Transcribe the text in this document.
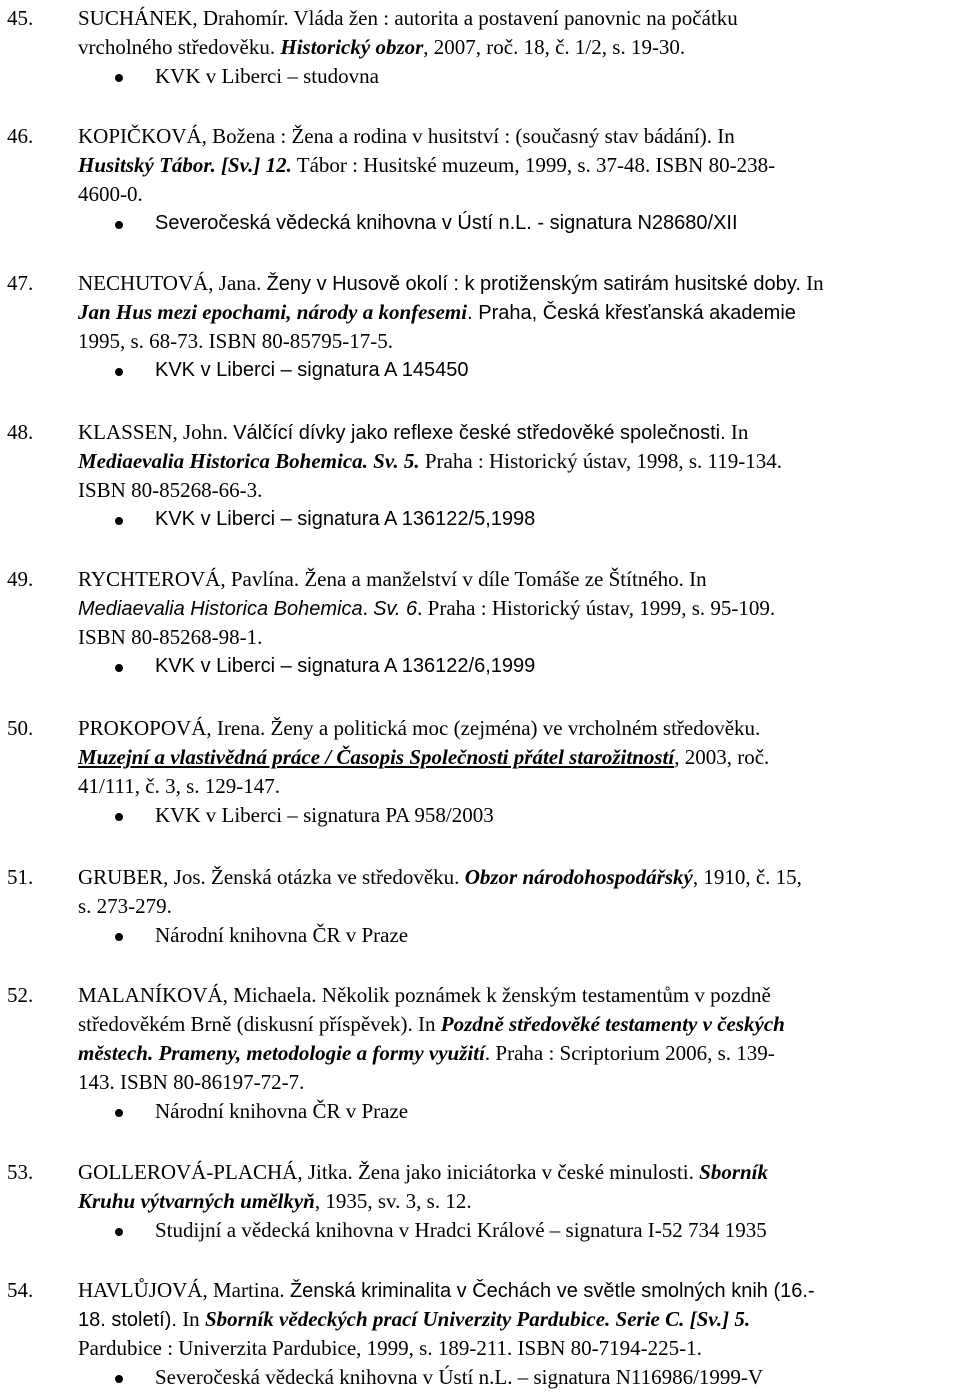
45. SUCHÁNEK, Drahomír. Vláda žen : autorita a postavení panovnic na počátku
vrcholného středověku. Historický obzor, 2007, roč. 18, č. 1/2, s. 19-30.
KVK v Liberci – studovna
46. KOPIČKOVÁ, Božena : Žena a rodina v husitství : (současný stav bádání). In
Husitský Tábor. [Sv.] 12. Tábor : Husitské muzeum, 1999, s. 37-48. ISBN 80-238-
4600-0.
Severočeská vědecká knihovna v Ústí n.L. - signatura N28680/XII
47. NECHUTOVÁ, Jana. Ženy v Husově okolí : k protiženským satirám husitské doby. In
Jan Hus mezi epochami, národy a konfesemi. Praha, Česká křesťanská akademie
1995, s. 68-73. ISBN 80-85795-17-5.
KVK v Liberci – signatura A 145450
48. KLASSEN, John. Válčící dívky jako reflexe české středověké společnosti. In
Mediaevalia Historica Bohemica. Sv. 5. Praha : Historický ústav, 1998, s. 119-134.
ISBN 80-85268-66-3.
KVK v Liberci – signatura A 136122/5,1998
49. RYCHTEROVÁ, Pavlína. Žena a manželství v díle Tomáše ze Štítného. In
Mediaevalia Historica Bohemica. Sv. 6. Praha : Historický ústav, 1999, s. 95-109.
ISBN 80-85268-98-1.
KVK v Liberci – signatura A 136122/6,1999
50. PROKOPOVÁ, Irena. Ženy a politická moc (zejména) ve vrcholném středověku.
Muzejní a vlastivědná práce / Časopis Společnosti přátel starožitností, 2003, roč.
41/111, č. 3, s. 129-147.
KVK v Liberci – signatura PA 958/2003
51. GRUBER, Jos. Ženská otázka ve středověku. Obzor národohospodářský, 1910, č. 15,
s. 273-279.
Národní knihovna ČR v Praze
52. MALANÍKOVÁ, Michaela. Několik poznámek k ženským testamentům v pozdně
středověkém Brně (diskusní příspěvek). In Pozdně středověké testamenty v českých
městech. Prameny, metodologie a formy využití. Praha : Scriptorium 2006, s. 139-
143. ISBN 80-86197-72-7.
Národní knihovna ČR v Praze
53. GOLLEROVÁ-PLACHÁ, Jitka. Žena jako iniciátorka v české minulosti. Sborník
Kruhu výtvarných umělkyň, 1935, sv. 3, s. 12.
Studijní a vědecká knihovna v Hradci Králové – signatura I-52 734 1935
54. HAVLŮJOVÁ, Martina. Ženská kriminalita v Čechách ve světle smolných knih (16.-
18. století). In Sborník vědeckých prací Univerzity Pardubice. Serie C. [Sv.] 5.
Pardubice : Univerzita Pardubice, 1999, s. 189-211. ISBN 80-7194-225-1.
Severočeská vědecká knihovna v Ústí n.L. – signatura N116986/1999-V
